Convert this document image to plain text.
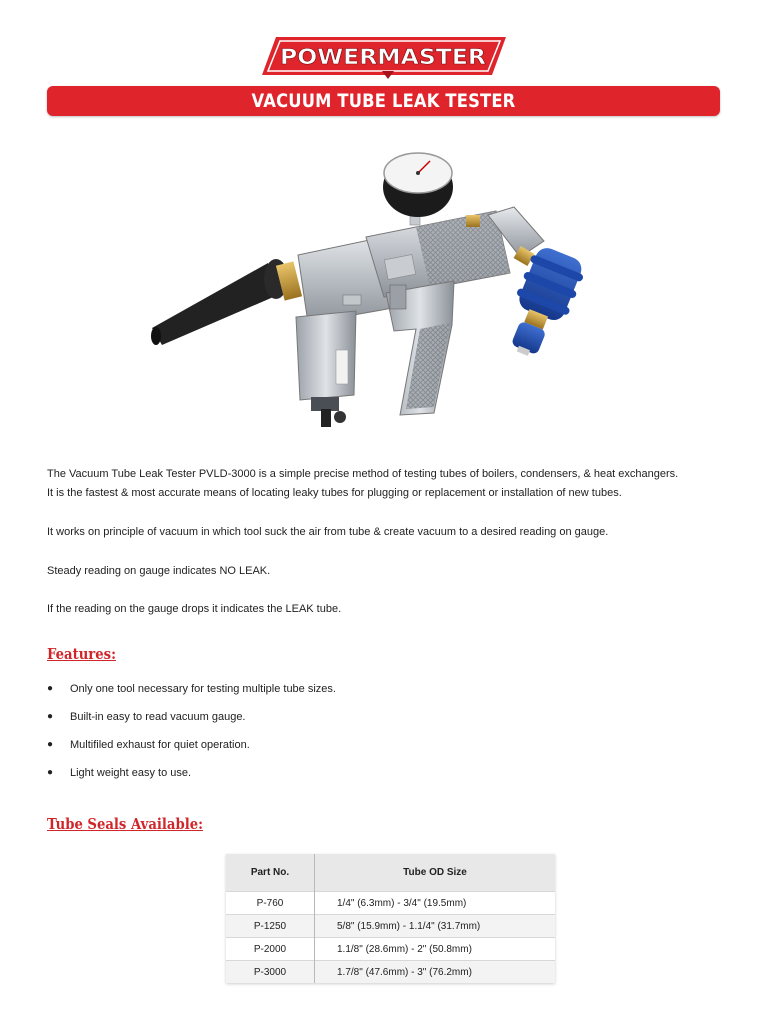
POWERMASTER
VACUUM TUBE LEAK TESTER

The Vacuum Tube Leak Tester PVLD-3000 is a simple precise method of testing tubes of boilers, condensers, & heat exchangers.

It is the fastest & most accurate means of locating leaky tubes for plugging or replacement or installation of new tubes.

It works on principle of vacuum in which tool suck the air from tube & create vacuum to a desired reading on gauge.

Steady reading on gauge indicates NO LEAK.

If the reading on the gauge drops it indicates the LEAK tube.

Features:
● Only one tool necessary for testing multiple tube sizes.
● Built-in easy to read vacuum gauge.
● Multifiled exhaust for quiet operation.
● Light weight easy to use.
Tube Seals Available:
Part No.	Tube OD Size
P-760	1/4" (6.3mm) - 3/4" (19.5mm)
P-1250	5/8" (15.9mm) - 1.1/4" (31.7mm)
P-2000	1.1/8" (28.6mm) - 2" (50.8mm)
P-3000	1.7/8" (47.6mm) - 3" (76.2mm)
